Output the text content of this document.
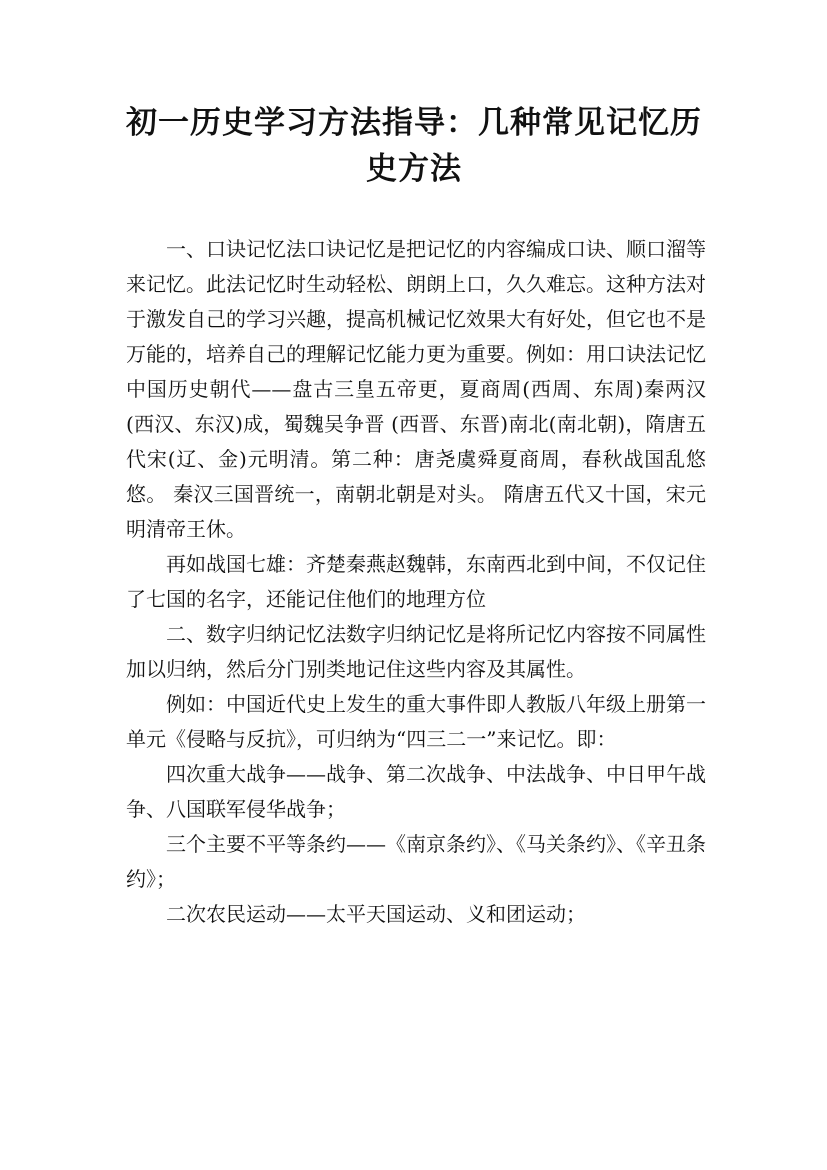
初一历史学习方法指导：几种常见记忆历史方法

一、口诀记忆法口诀记忆是把记忆的内容编成口诀、顺口溜等来记忆。此法记忆时生动轻松、朗朗上口，久久难忘。这种方法对于激发自己的学习兴趣，提高机械记忆效果大有好处，但它也不是万能的，培养自己的理解记忆能力更为重要。例如：用口诀法记忆中国历史朝代——盘古三皇五帝更，夏商周(西周、东周)秦两汉(西汉、东汉)成，蜀魏吴争晋 (西晋、东晋)南北(南北朝)，隋唐五代宋(辽、金)元明清。第二种：唐尧虞舜夏商周，春秋战国乱悠悠。 秦汉三国晋统一，南朝北朝是对头。 隋唐五代又十国，宋元明清帝王休。

再如战国七雄：齐楚秦燕赵魏韩，东南西北到中间，不仅记住了七国的名字，还能记住他们的地理方位

二、数字归纳记忆法数字归纳记忆是将所记忆内容按不同属性加以归纳，然后分门别类地记住这些内容及其属性。

例如：中国近代史上发生的重大事件即人教版八年级上册第一单元《侵略与反抗》，可归纳为“四三二一”来记忆。即：

四次重大战争——战争、第二次战争、中法战争、中日甲午战争、八国联军侵华战争；

三个主要不平等条约——《南京条约》、《马关条约》、《辛丑条约》；

二次农民运动——太平天国运动、义和团运动；
